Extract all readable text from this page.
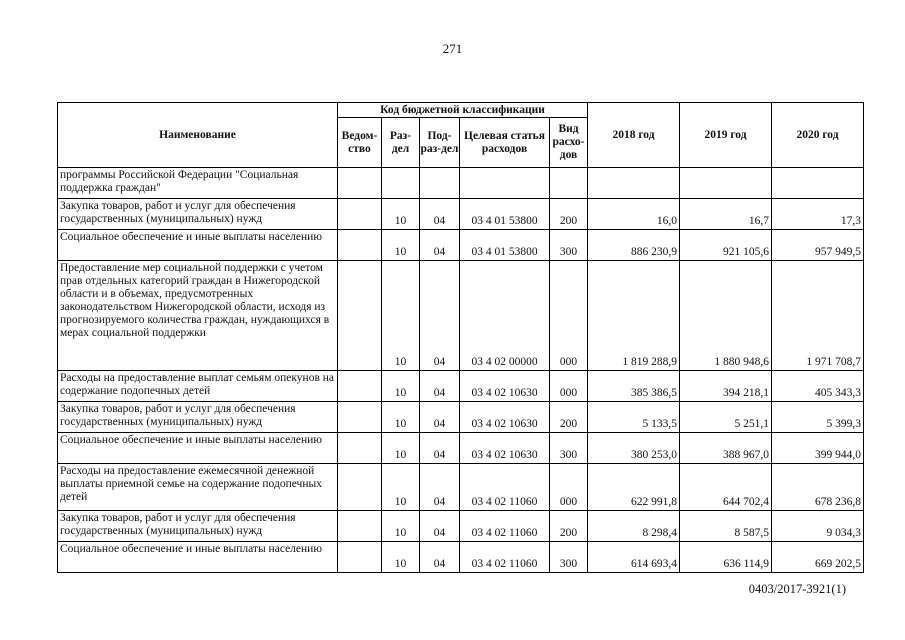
271
Наименование	Код бюджетной классификации					2018 год	2019 год	2020 год
	Ведом-ство	Раз-дел	Под-раз-дел	Целевая статья расходов	Вид расхо-дов			
программы Российской Федерации "Социальная поддержка граждан"								
Закупка товаров, работ и услуг для обеспечения государственных (муниципальных) нужд		10	04	03 4 01 53800	200	16,0	16,7	17,3
Социальное обеспечение и иные выплаты населению		10	04	03 4 01 53800	300	886 230,9	921 105,6	957 949,5
Предоставление мер социальной поддержки с учетом прав отдельных категорий граждан в Нижегородской области и в объемах, предусмотренных законодательством Нижегородской области, исходя из прогнозируемого количества граждан, нуждающихся в мерах социальной поддержки		10	04	03 4 02 00000	000	1 819 288,9	1 880 948,6	1 971 708,7
Расходы на предоставление выплат семьям опекунов на содержание подопечных детей		10	04	03 4 02 10630	000	385 386,5	394 218,1	405 343,3
Закупка товаров, работ и услуг для обеспечения государственных (муниципальных) нужд		10	04	03 4 02 10630	200	5 133,5	5 251,1	5 399,3
Социальное обеспечение и иные выплаты населению		10	04	03 4 02 10630	300	380 253,0	388 967,0	399 944,0
Расходы на предоставление ежемесячной денежной выплаты приемной семье на содержание подопечных детей		10	04	03 4 02 11060	000	622 991,8	644 702,4	678 236,8
Закупка товаров, работ и услуг для обеспечения государственных (муниципальных) нужд		10	04	03 4 02 11060	200	8 298,4	8 587,5	9 034,3
Социальное обеспечение и иные выплаты населению		10	04	03 4 02 11060	300	614 693,4	636 114,9	669 202,5
0403/2017-3921(1)
